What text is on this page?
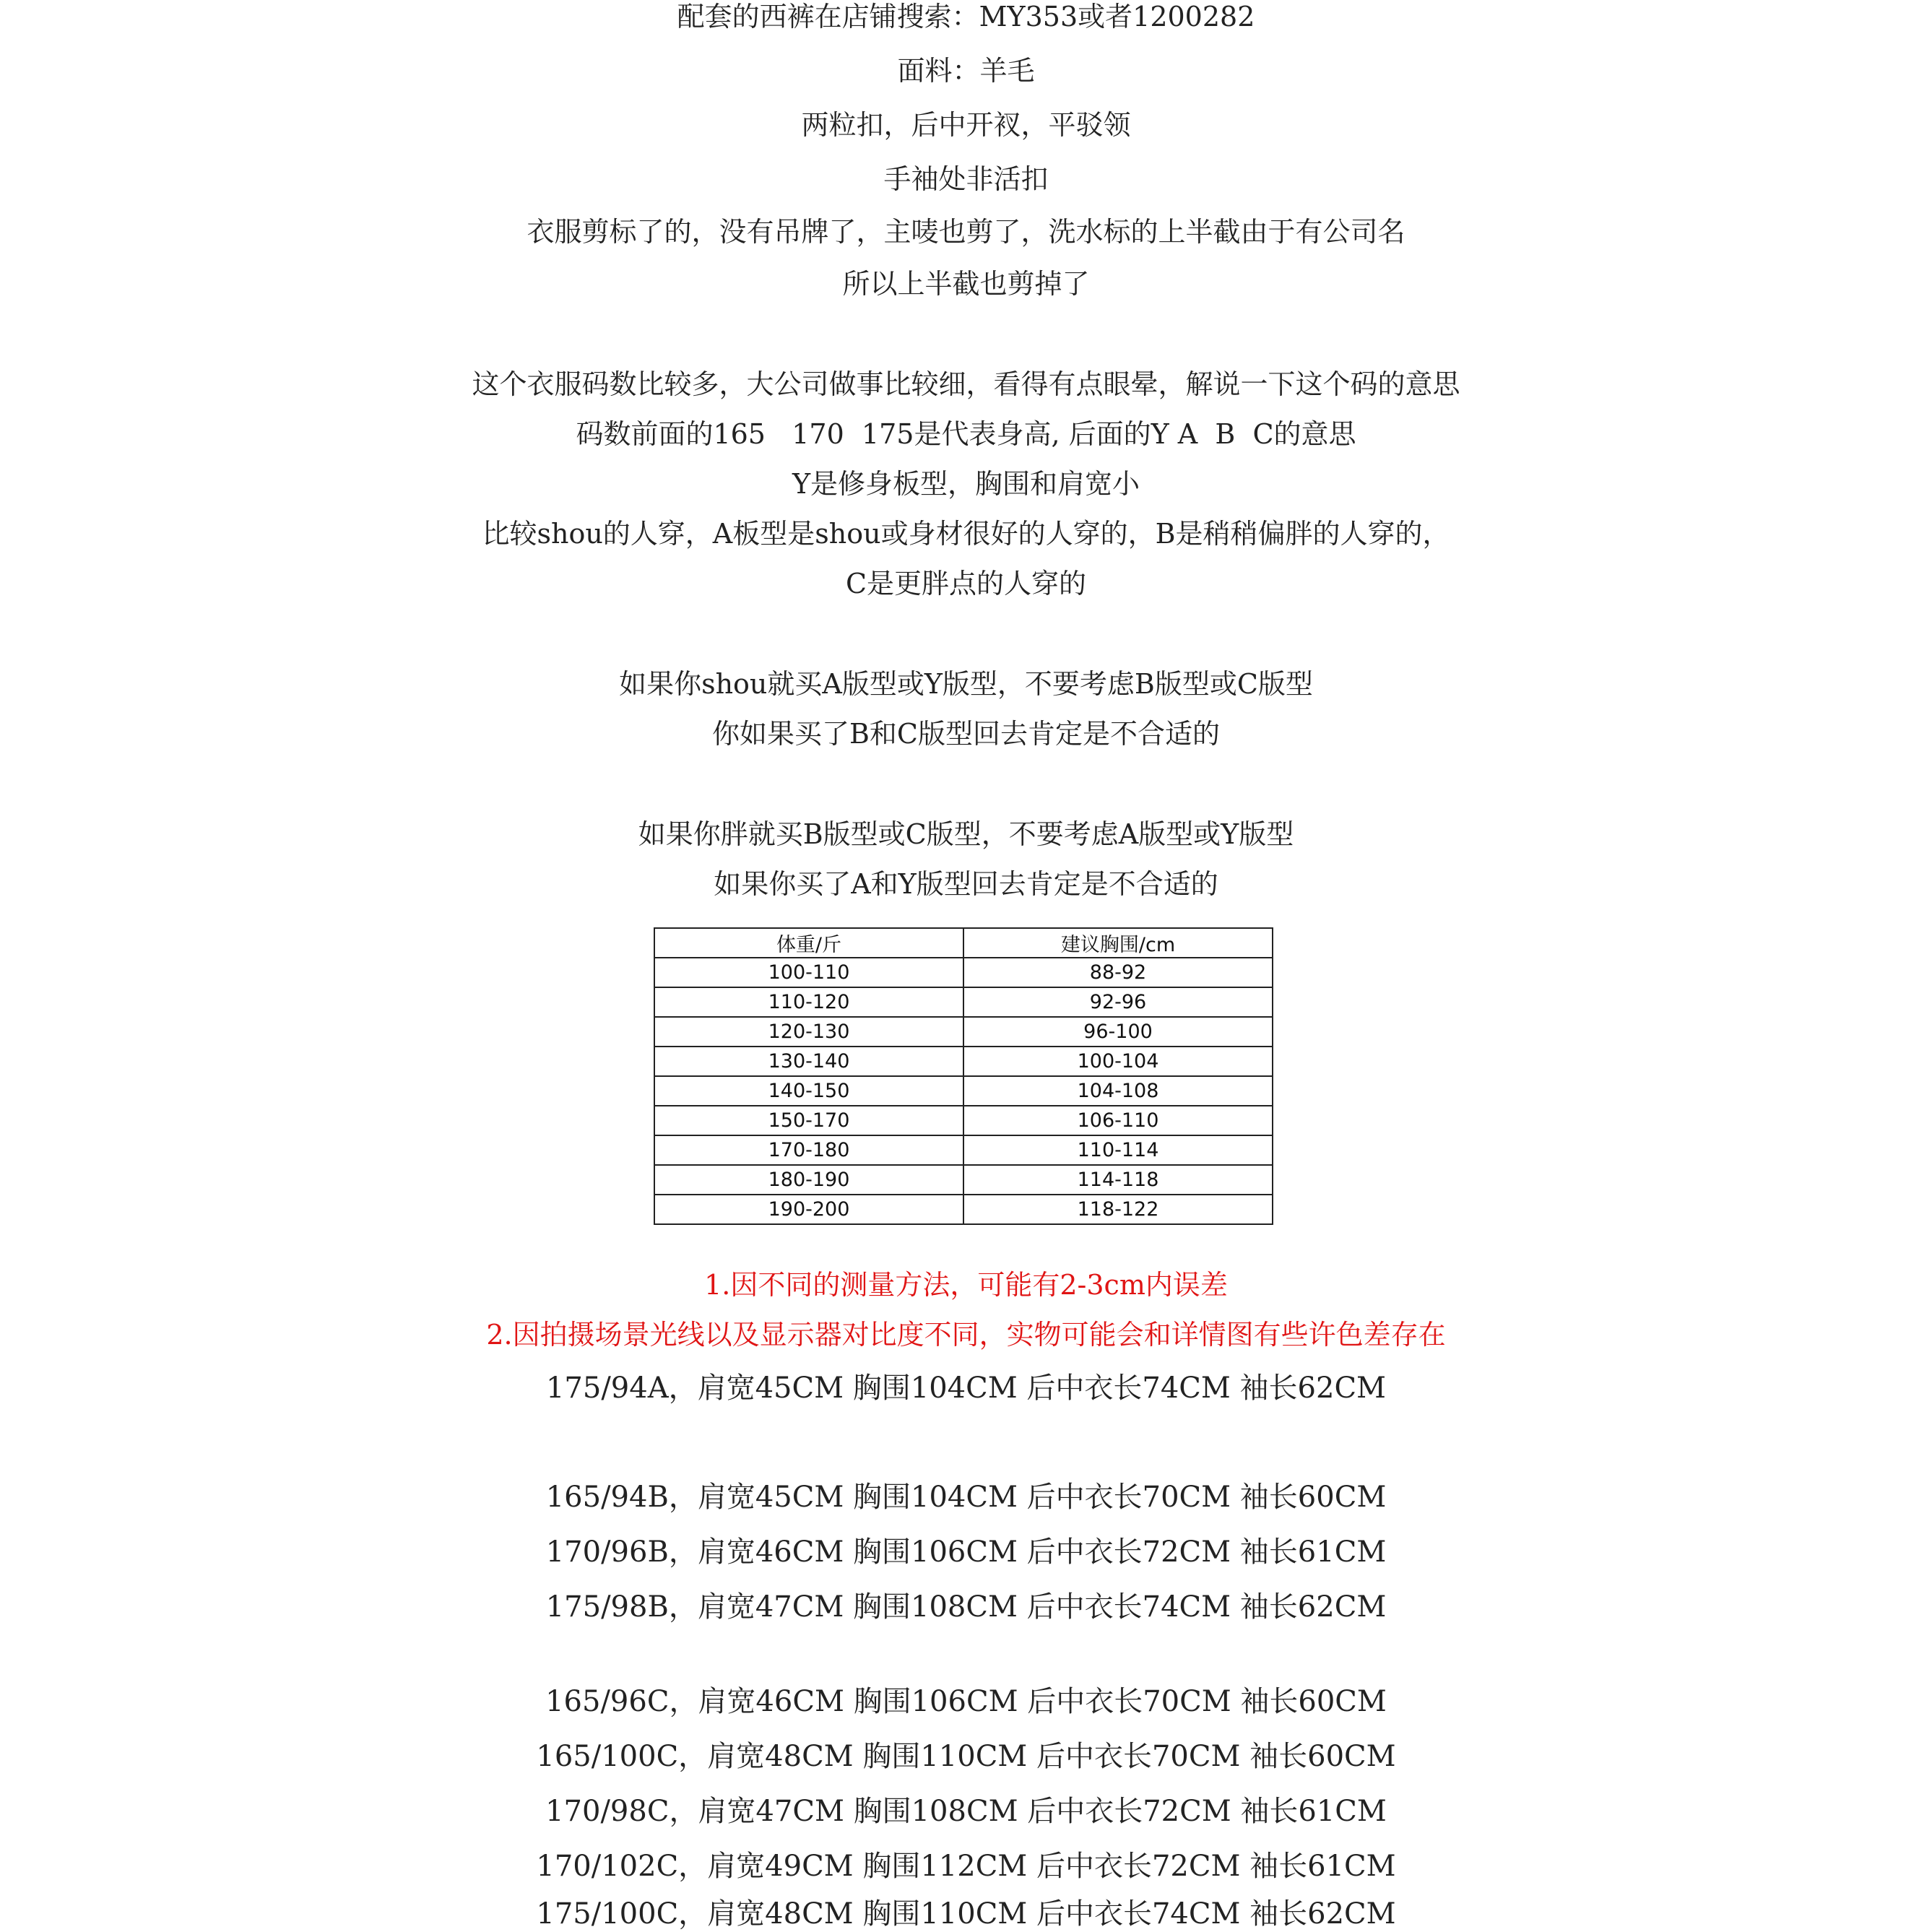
配套的西裤在店铺搜索：MY353或者1200282

面料：羊毛

两粒扣，后中开衩，平驳领

手袖处非活扣

衣服剪标了的，没有吊牌了，主唛也剪了，洗水标的上半截由于有公司名

所以上半截也剪掉了

这个衣服码数比较多，大公司做事比较细，看得有点眼晕，解说一下这个码的意思

码数前面的165   170  175是代表身高, 后面的Y A  B  C的意思

Y是修身板型，胸围和肩宽小

比较shou的人穿，A板型是shou或身材很好的人穿的，B是稍稍偏胖的人穿的，

C是更胖点的人穿的

如果你shou就买A版型或Y版型，不要考虑B版型或C版型

你如果买了B和C版型回去肯定是不合适的

如果你胖就买B版型或C版型，不要考虑A版型或Y版型

如果你买了A和Y版型回去肯定是不合适的

体重/斤	建议胸围/cm
100-110	88-92
110-120	92-96
120-130	96-100
130-140	100-104
140-150	104-108
150-170	106-110
170-180	110-114
180-190	114-118
190-200	118-122

1.因不同的测量方法，可能有2-3cm内误差

2.因拍摄场景光线以及显示器对比度不同，实物可能会和详情图有些许色差存在

175/94A，肩宽45CM 胸围104CM 后中衣长74CM 袖长62CM

165/94B，肩宽45CM 胸围104CM 后中衣长70CM 袖长60CM

170/96B，肩宽46CM 胸围106CM 后中衣长72CM 袖长61CM

175/98B，肩宽47CM 胸围108CM 后中衣长74CM 袖长62CM

165/96C，肩宽46CM 胸围106CM 后中衣长70CM 袖长60CM

165/100C，肩宽48CM 胸围110CM 后中衣长70CM 袖长60CM

170/98C，肩宽47CM 胸围108CM 后中衣长72CM 袖长61CM

170/102C，肩宽49CM 胸围112CM 后中衣长72CM 袖长61CM

175/100C，肩宽48CM 胸围110CM 后中衣长74CM 袖长62CM
